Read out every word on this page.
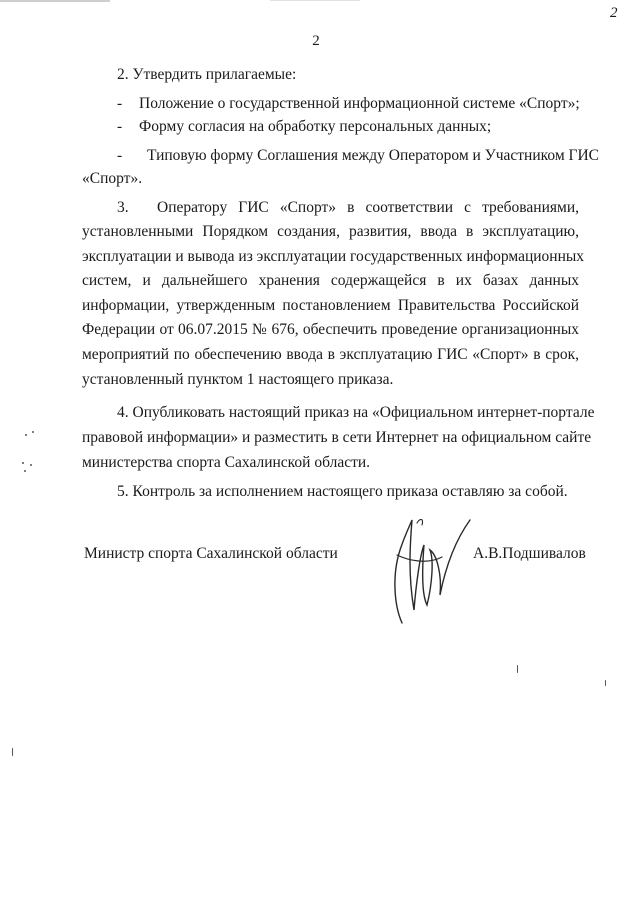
2
2
2. Утвердить прилагаемые:
- Положение о государственной информационной системе «Спорт»;
- Форму согласия на обработку персональных данных;
- Типовую форму Соглашения между Оператором и Участником ГИС
«Спорт».
3. Оператору ГИС «Спорт» в соответствии с требованиями,
установленными Порядком создания, развития, ввода в эксплуатацию,
эксплуатации и вывода из эксплуатации государственных информационных
систем, и дальнейшего хранения содержащейся в их базах данных
информации, утвержденным постановлением Правительства Российской
Федерации от 06.07.2015 № 676, обеспечить проведение организационных
мероприятий по обеспечению ввода в эксплуатацию ГИС «Спорт» в срок,
установленный пунктом 1 настоящего приказа.
4. Опубликовать настоящий приказ на «Официальном интернет-портале
правовой информации» и разместить в сети Интернет на официальном сайте
министерства спорта Сахалинской области.
5. Контроль за исполнением настоящего приказа оставляю за собой.
Министр спорта Сахалинской области	А.В.Подшивалов
